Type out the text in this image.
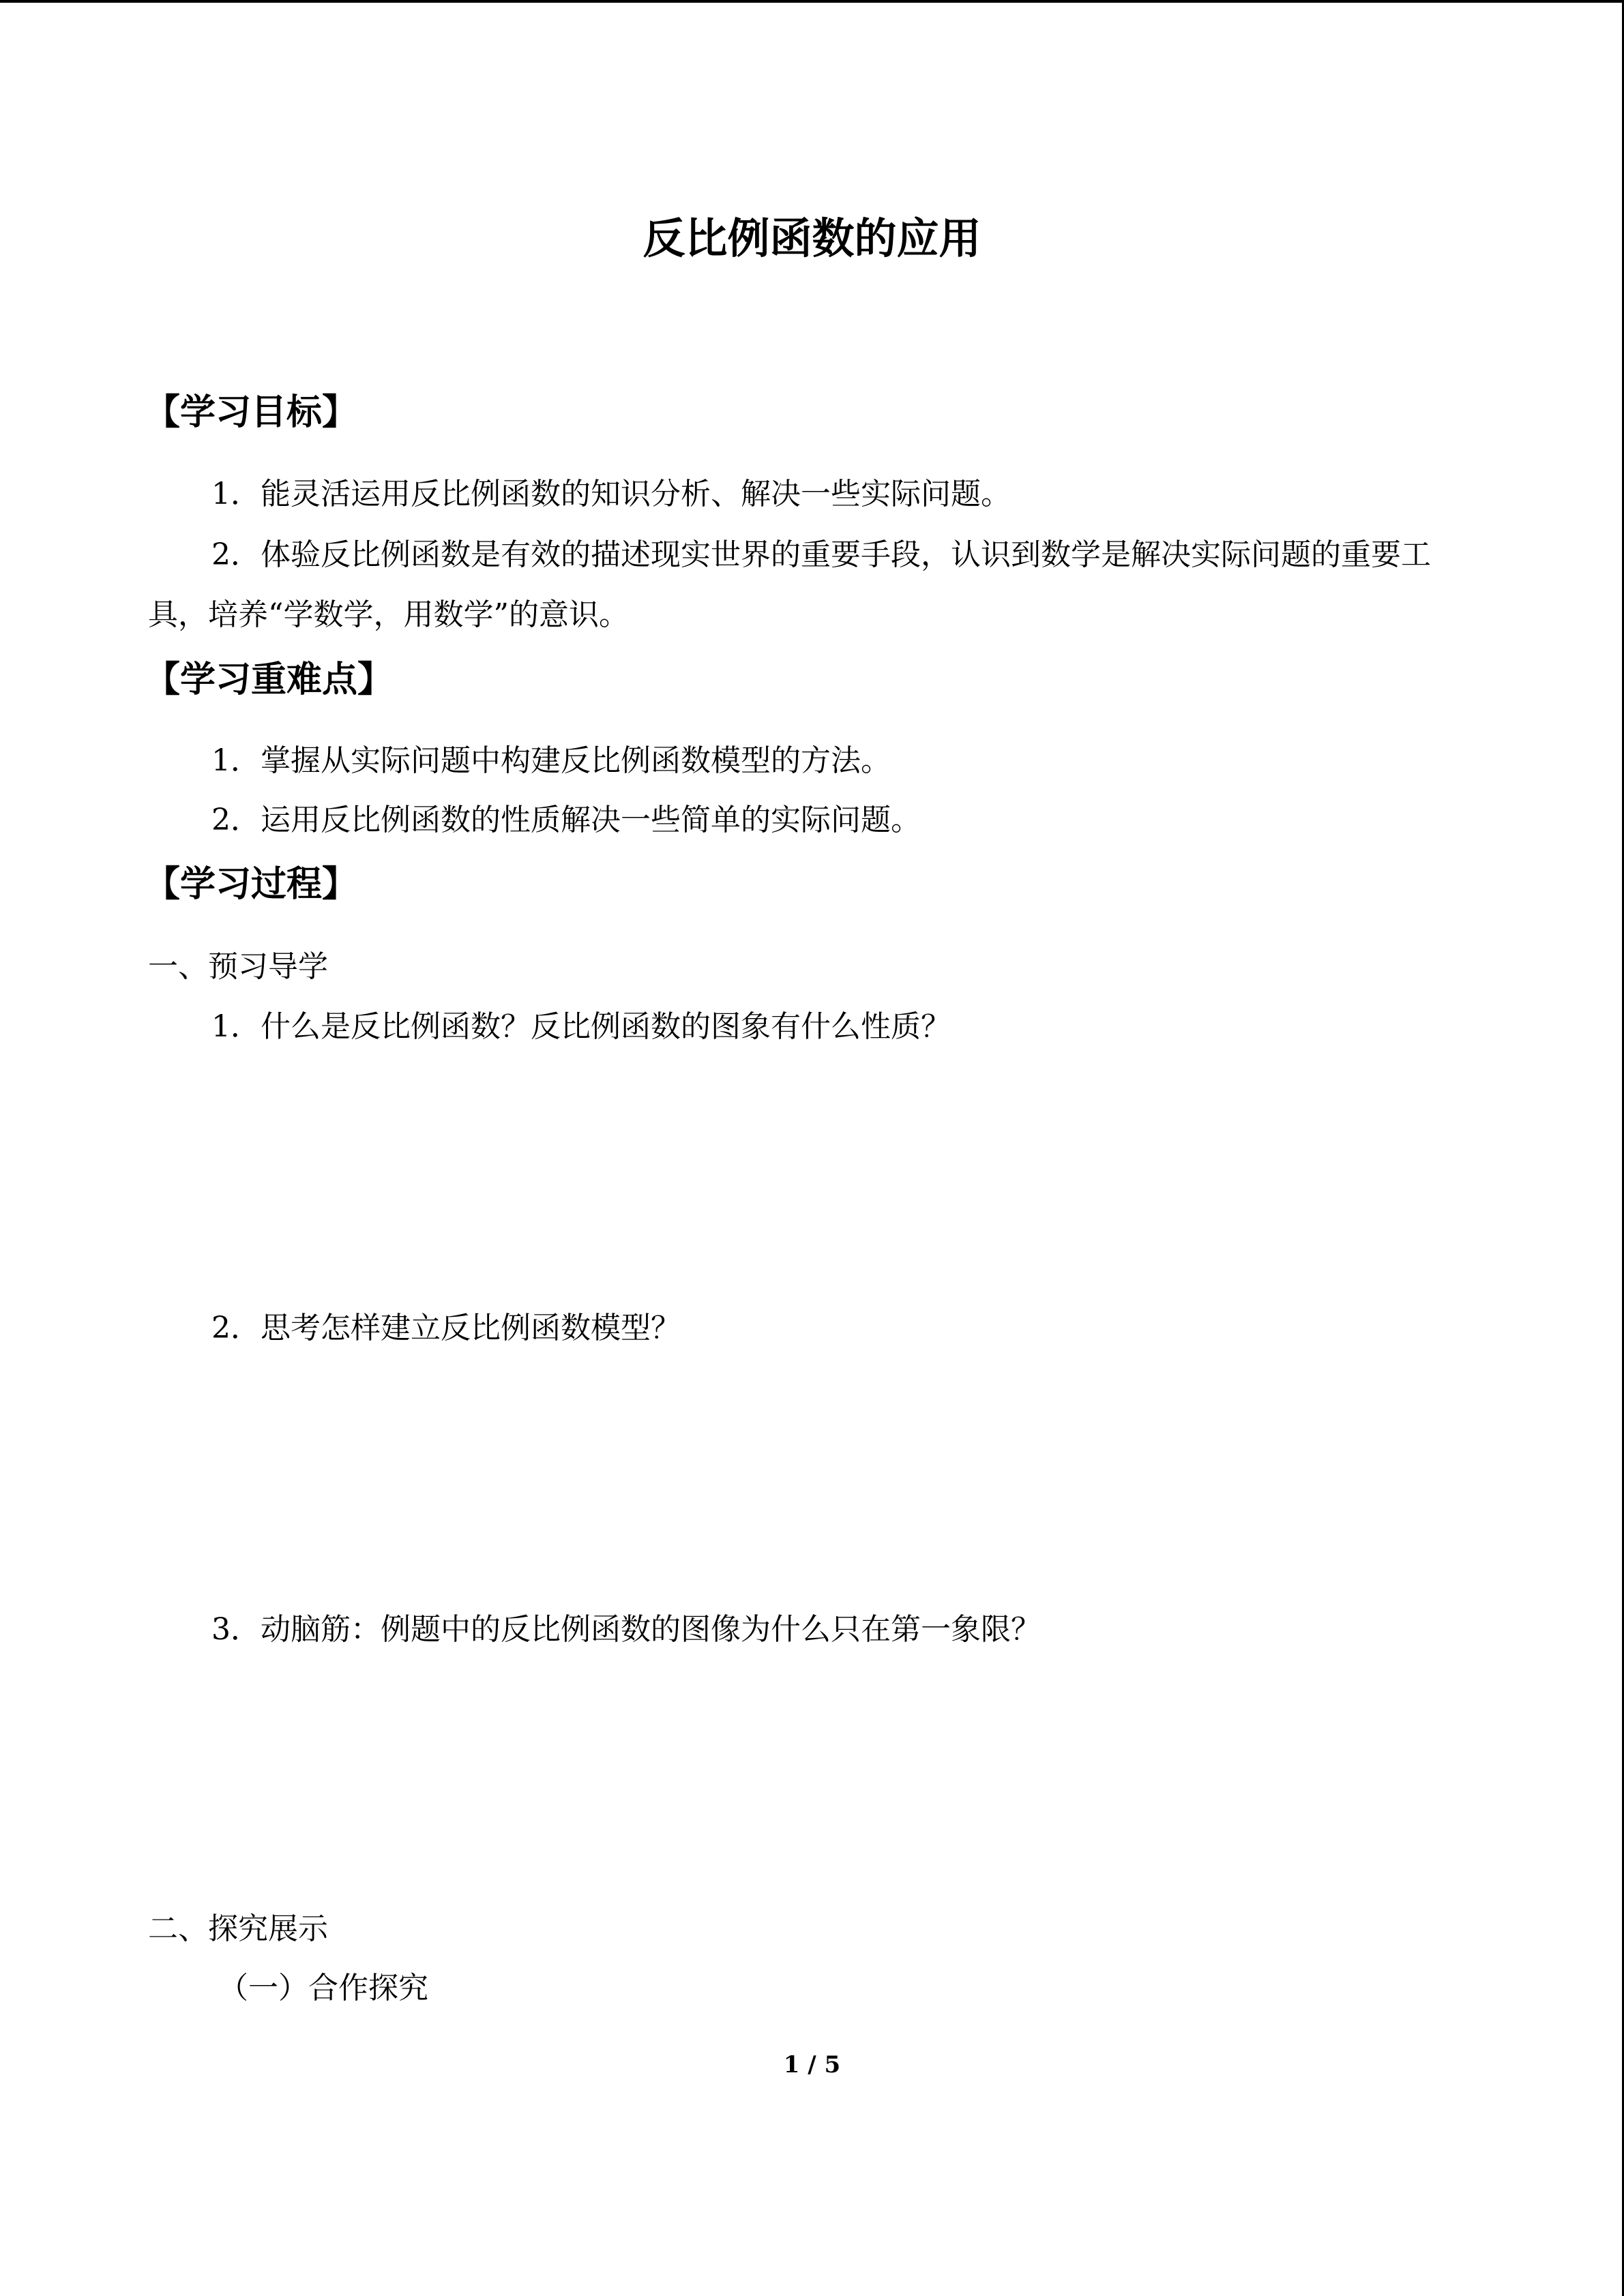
反比例函数的应用
【学习目标】
1．能灵活运用反比例函数的知识分析、解决一些实际问题。
2．体验反比例函数是有效的描述现实世界的重要手段，认识到数学是解决实际问题的重要工具，培养“学数学，用数学”的意识。
【学习重难点】
1．掌握从实际问题中构建反比例函数模型的方法。
2．运用反比例函数的性质解决一些简单的实际问题。
【学习过程】
一、预习导学
1．什么是反比例函数？反比例函数的图象有什么性质？
2．思考怎样建立反比例函数模型？
3．动脑筋：例题中的反比例函数的图像为什么只在第一象限？
二、探究展示
（一）合作探究
1 / 5
